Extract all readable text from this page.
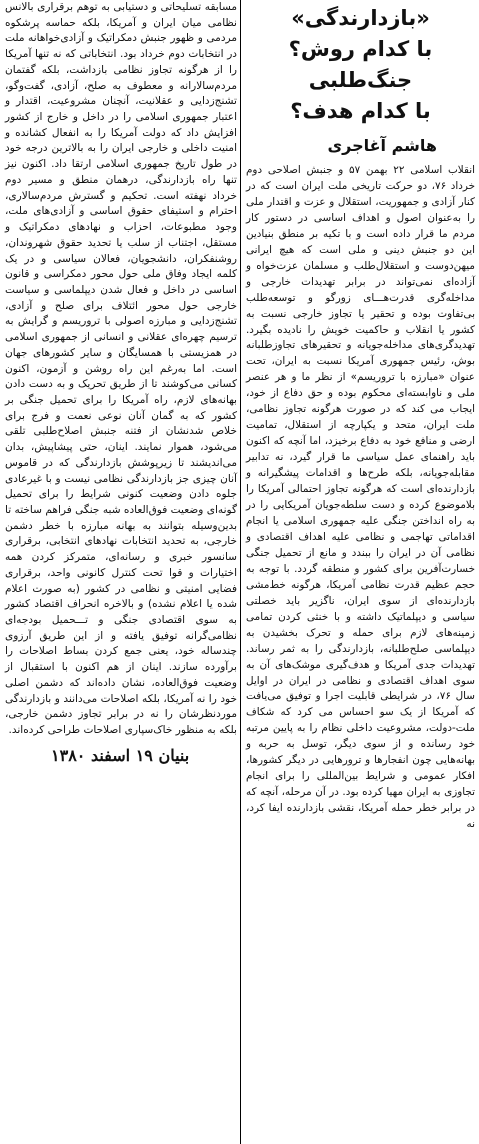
«بازدارندگی»
با کدام روش؟
جنگ‌طلبی
با کدام هدف؟
هاشم آغاجری

انقلاب اسلامی ۲۲ بهمن ۵۷ و جنبش اصلاحی دوم خرداد ۷۶، دو حرکت تاریخی ملت ایران است که در کنار آزادی و جمهوریت، استقلال و عزت و اقتدار ملی را به‌عنوان اصول و اهداف اساسی در دستور کار مردم ما قرار داده است و با تکیه بر منطق بنیادین این دو جنبش دینی و ملی است که هیچ ایرانی میهن‌دوست و استقلال‌طلب و مسلمان عزت‌خواه و آزاده‌ای نمی‌تواند در برابر تهدیدات خارجی و مداخله‌گری قدرت‌هـــای زورگو و توسعه‌طلب بی‌تفاوت بوده و تحقیر یا تجاوز خارجی نسبت به کشور یا انقلاب و حاکمیت خویش را نادیده بگیرد. تهدیدگری‌های مداخله‌جویانه و تحقیرهای تجاوزطلبانه بوش، رئیس جمهوری آمریکا نسبت به ایران، تحت عنوان «مبارزه با تروریسم» از نظر ما و هر عنصر ملی و ناوابسته‌ای محکوم بوده و حق دفاع از خود، ایجاب می کند که در صورت هرگونه تجاوز نظامی، ملت ایران، متحد و یکپارچه از استقلال، تمامیت ارضی و منافع خود به دفاع برخیزد، اما آنچه که اکنون باید راهنمای عمل سیاسی ما قرار گیرد، نه تدابیر مقابله‌جویانه، بلکه طرح‌ها و اقدامات پیشگیرانه و بازدارنده‌ای است که هرگونه تجاوز احتمالی آمریکا را بلاموضوع کرده و دست سلطه‌جویان آمریکایی را در به راه انداختن جنگی علیه جمهوری اسلامی یا انجام اقداماتی تهاجمی و نظامی علیه اهداف اقتصادی و نظامی آن در ایران را ببندد و مانع از تحمیل جنگی خسارت‌آفرین برای کشور و منطقه گردد. با توجه به حجم عظیم قدرت نظامی آمریکا، هرگونه خط‌مشی بازدارنده‌ای از سوی ایران، ناگزیر باید خصلتی سیاسی و دیپلماتیک داشته و با خنثی کردن تمامی زمینه‌های لازم برای حمله و تحرک بخشیدن به دیپلماسی صلح‌طلبانه، بازدارندگی را به ثمر رساند. تهدیدات جدی آمریکا و هدف‌گیری موشک‌های آن به سوی اهداف اقتصادی و نظامی در ایران در اوایل سال ۷۶، در شرایطی قابلیت اجرا و توفیق می‌یافت که آمریکا از یک سو احساس می کرد که شکاف ملت-دولت، مشروعیت داخلی نظام را به پایین مرتبه خود رسانده و از سوی دیگر، توسل به حربه و بهانه‌هایی چون انفجارها و ترورهایی در دیگر کشورها، افکار عمومی و شرایط بین‌المللی را برای انجام تجاوزی به ایران مهیا کرده بود. در آن مرحله، آنچه که در برابر خطر حمله آمریکا، نقشی بازدارنده ایفا کرد، نه

مسابقه تسلیحاتی و دستیابی به توهم برقراری بالانس نظامی میان ایران و آمریکا، بلکه حماسه پرشکوه مردمی و ظهور جنبش دمکراتیک و آزادی‌خواهانه ملت در انتخابات دوم خرداد بود. انتخاباتی که نه تنها آمریکا را از هرگونه تجاوز نظامی بازداشت، بلکه گفتمان مردم‌سالارانه و معطوف به صلح، آزادی، گفت‌وگو، تشنج‌زدایی و عقلانیت، آنچنان مشروعیت، اقتدار و اعتبار جمهوری اسلامی را در داخل و خارج از کشور افزایش داد که دولت آمریکا را به انفعال کشانده و امنیت داخلی و خارجی ایران را به بالاترین درجه خود در طول تاریخ جمهوری اسلامی ارتقا داد. اکنون نیز تنها راه بازدارندگی، درهمان منطق و مسیر دوم خرداد نهفته است. تحکیم و گسترش مردم‌سالاری، احترام و استیفای حقوق اساسی و آزادی‌های ملت، وجود مطبوعات، احزاب و نهادهای دمکراتیک و مستقل، اجتناب از سلب یا تحدید حقوق شهروندان، روشنفکران، دانشجویان، فعالان سیاسی و در یک کلمه ایجاد وفاق ملی حول محور دمکراسی و قانون اساسی در داخل و فعال شدن دیپلماسی و سیاست خارجی حول محور ائتلاف برای صلح و آزادی، تشنج‌زدایی و مبارزه اصولی با تروریسم و گرایش به ترسیم چهره‌ای عقلانی و انسانی از جمهوری اسلامی در همزیستی با همسایگان و سایر کشورهای جهان است. اما به‌رغم این راه روشن و آزمون، اکنون کسانی می‌کوشند تا از طریق تحریک و به دست دادن بهانه‌های لازم، راه آمریکا را برای تحمیل جنگی بر کشور که به گمان آنان نوعی نعمت و فرج برای خلاص شدنشان از فتنه جنبش اصلاح‌طلبی تلقی می‌شود، هموار نمایند. اینان، حتی پیشاپیش، بدان می‌اندیشند تا زیرپوشش بازدارندگی که در قاموس آنان چیزی جز بازدارندگی نظامی نیست و با غیرعادی جلوه دادن وضعیت کنونی شرایط را برای تحمیل گونه‌ای وضعیت فوق‌العاده شبه جنگی فراهم ساخته تا بدین‌وسیله بتوانند به بهانه مبارزه با خطر دشمن خارجی، به تحدید انتخابات نهادهای انتخابی، برقراری سانسور خبری و رسانه‌ای، متمرکز کردن همه اختیارات و قوا تحت کنترل کانونی واحد، برقراری فضایی امنیتی و نظامی در کشور (به صورت اعلام شده یا اعلام نشده) و بالاخره انحراف اقتصاد کشور به سوی اقتصادی جنگی و تـــحمیل بودجه‌ای نظامی‌گرانه توفیق یافته و از این طریق آرزوی چندساله خود، یعنی جمع کردن بساط اصلاحات را برآورده سازند. اینان از هم اکنون با استقبال از وضعیت فوق‌العاده، نشان داده‌اند که دشمن اصلی خود را نه آمریکا، بلکه اصلاحات می‌دانند و بازدارندگی موردنظرشان را نه در برابر تجاوز دشمن خارجی، بلکه به منظور خاک‌سپاری اصلاحات طراحی کرده‌اند.

بنیان ۱۹ اسفند ۱۳۸۰
